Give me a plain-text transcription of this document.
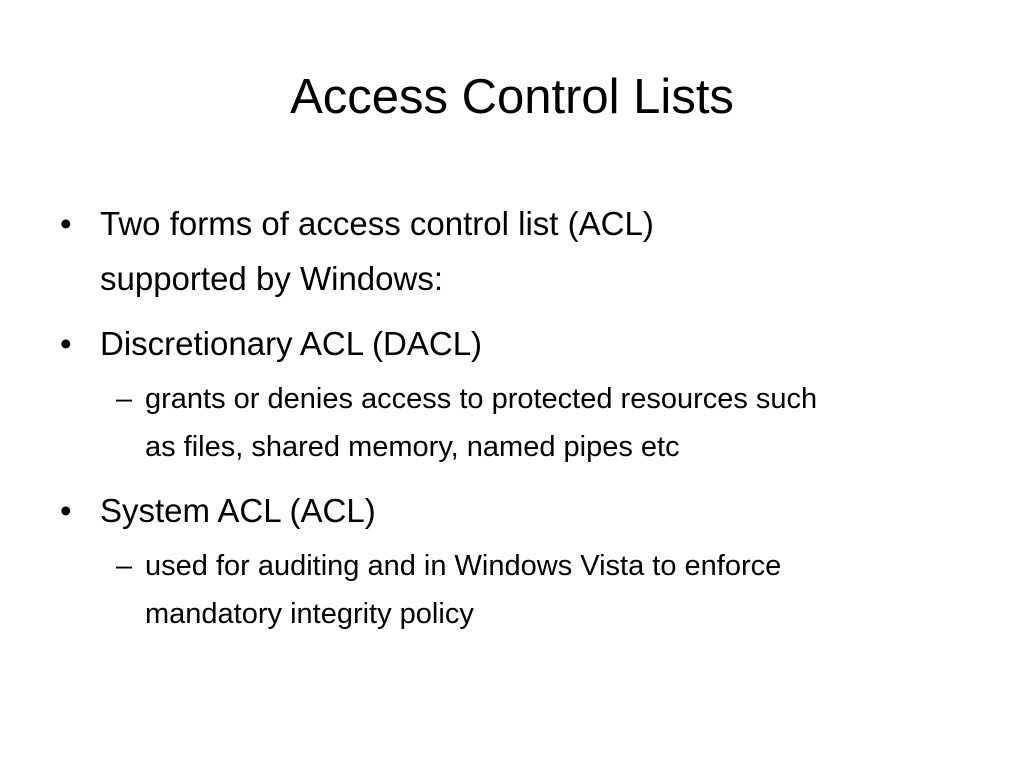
Access Control Lists
• Two forms of access control list (ACL)
supported by Windows:
• Discretionary ACL (DACL)
– grants or denies access to protected resources such
as files, shared memory, named pipes etc
• System ACL (ACL)
– used for auditing and in Windows Vista to enforce
mandatory integrity policy
